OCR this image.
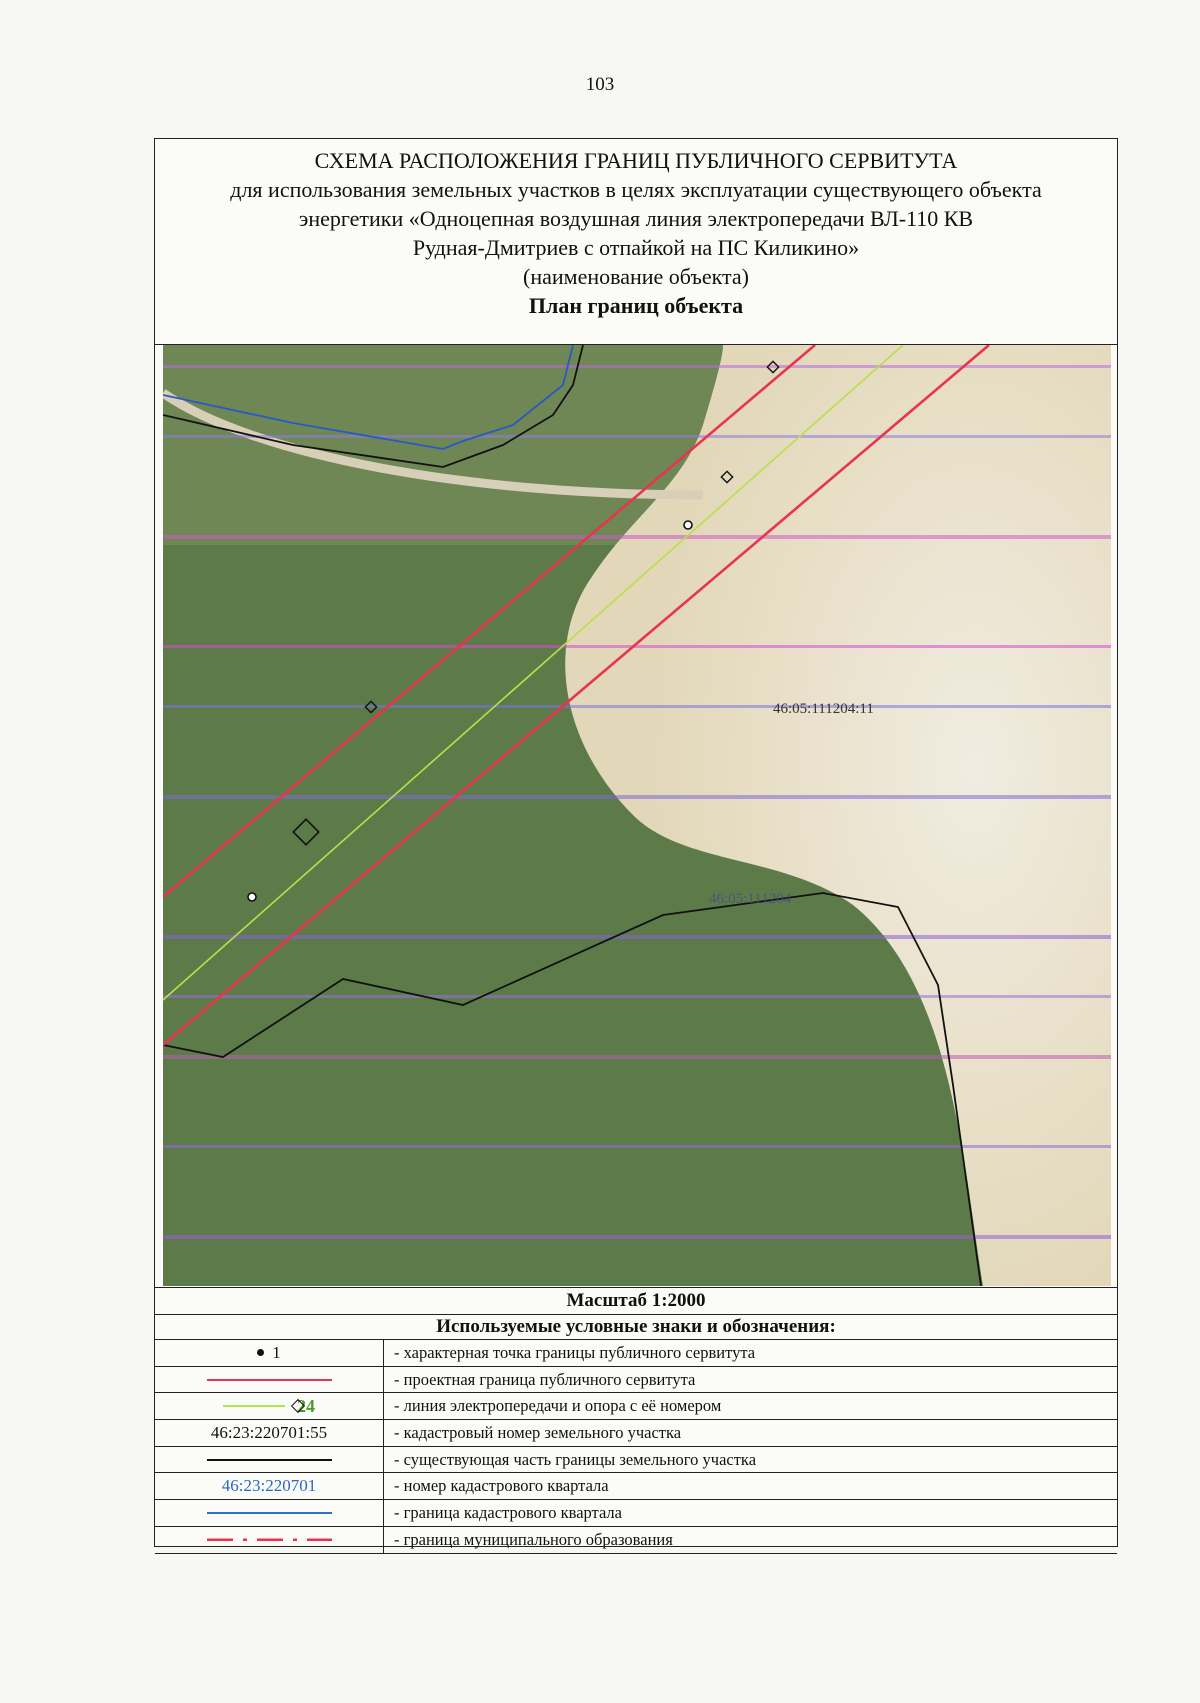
103
СХЕМА РАСПОЛОЖЕНИЯ ГРАНИЦ ПУБЛИЧНОГО СЕРВИТУТА
для использования земельных участков в целях эксплуатации существующего объекта
энергетики «Одноцепная воздушная линия электропередачи ВЛ-110 КВ
Рудная-Дмитриев с отпайкой на ПС Киликино»
(наименование объекта)
План границ объекта
46:05:111204:11
46:05:111204
Масштаб 1:2000
Используемые условные знаки и обозначения:
1	- характерная точка границы публичного сервитута
- проектная граница публичного сервитута
24	- линия электропередачи и опора с её номером
46:23:220701:55	- кадастровый номер земельного участка
- существующая часть границы земельного участка
46:23:220701	- номер кадастрового квартала
- граница кадастрового квартала
- граница муниципального образования
